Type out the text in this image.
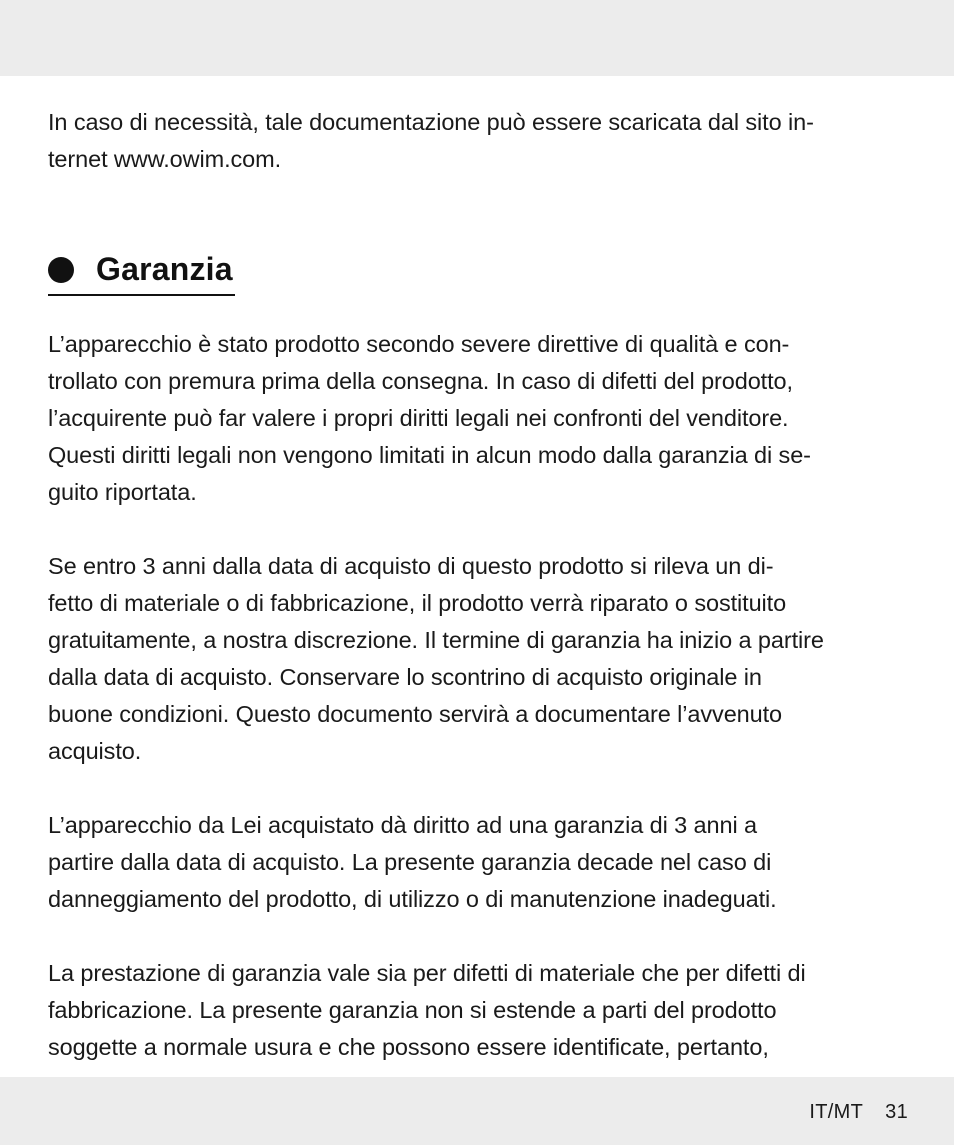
In caso di necessità, tale documentazione può essere scaricata dal sito in-
ternet www.owim.com.

Garanzia

L’apparecchio è stato prodotto secondo severe direttive di qualità e con-
trollato con premura prima della consegna. In caso di difetti del prodotto,
l’acquirente può far valere i propri diritti legali nei confronti del venditore.
Questi diritti legali non vengono limitati in alcun modo dalla garanzia di se-
guito riportata.

Se entro 3 anni dalla data di acquisto di questo prodotto si rileva un di-
fetto di materiale o di fabbricazione, il prodotto verrà riparato o sostituito
gratuitamente, a nostra discrezione. Il termine di garanzia ha inizio a partire
dalla data di acquisto. Conservare lo scontrino di acquisto originale in
buone condizioni. Questo documento servirà a documentare l’avvenuto
acquisto.

L’apparecchio da Lei acquistato dà diritto ad una garanzia di 3 anni a
partire dalla data di acquisto. La presente garanzia decade nel caso di
danneggiamento del prodotto, di utilizzo o di manutenzione inadeguati.

La prestazione di garanzia vale sia per difetti di materiale che per difetti di
fabbricazione. La presente garanzia non si estende a parti del prodotto
soggette a normale usura e che possono essere identificate, pertanto,

IT/MT 31
